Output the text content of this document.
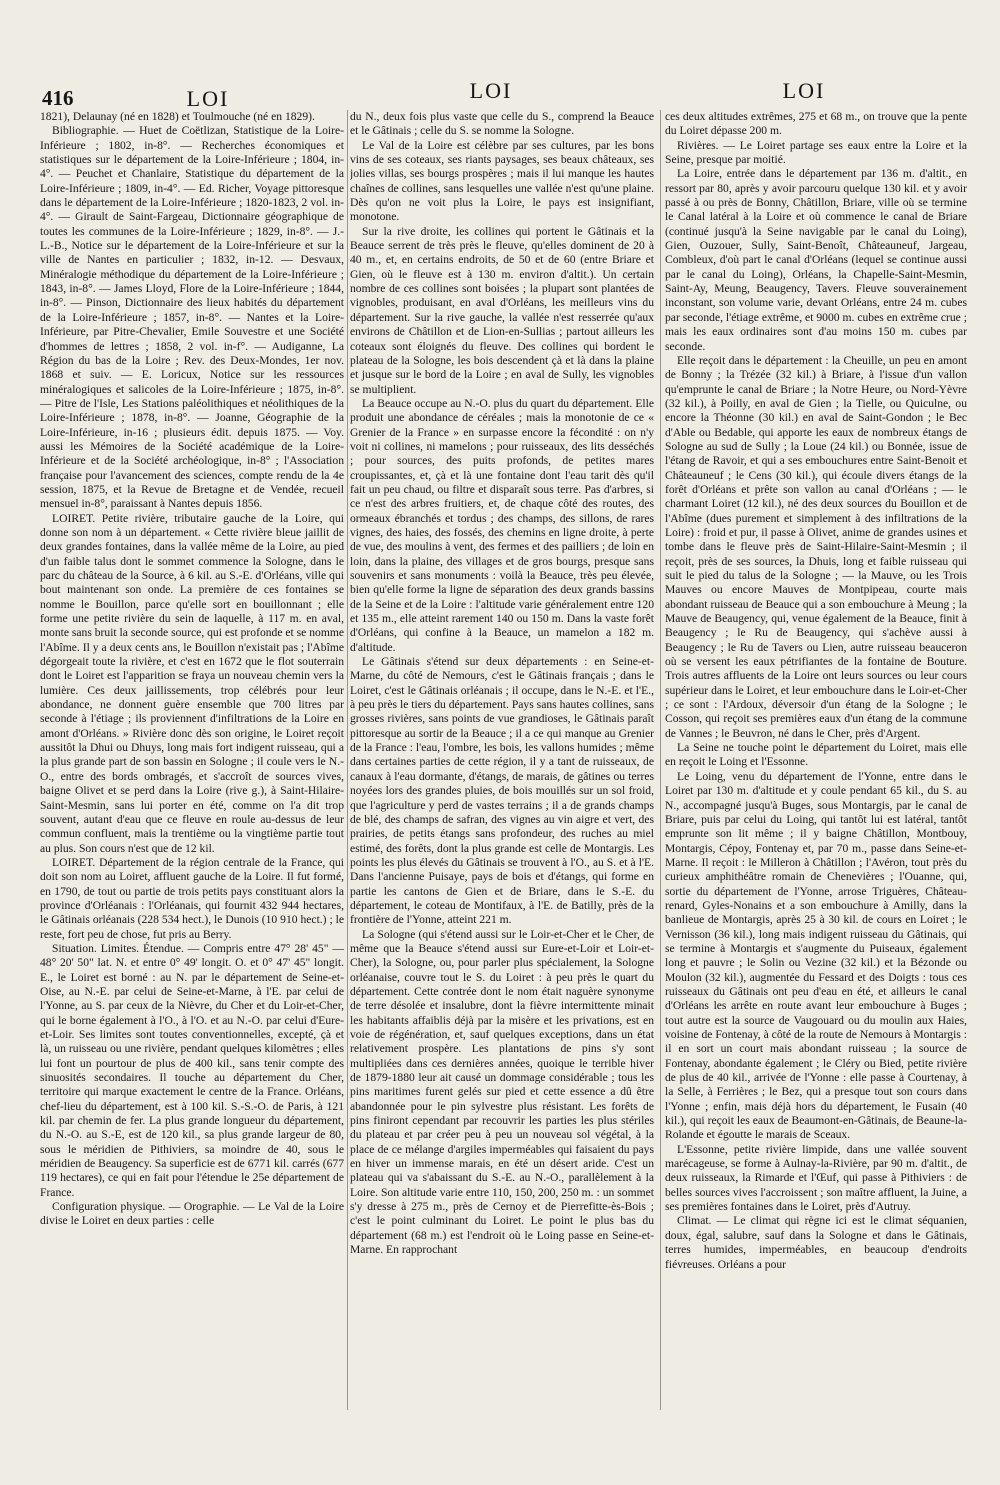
416	LOI	LOI	LOI

1821), Delaunay (né en 1828) et Toulmouche (né en 1829).

Bibliographie. — Huet de Coëtlizan, Statistique de la Loire-Inférieure ; 1802, in-8°. — Recherches économiques et statistiques sur le département de la Loire-Inférieure ; 1804, in-4°. — Peuchet et Chanlaire, Statistique du département de la Loire-Inférieure ; 1809, in-4°. — Ed. Richer, Voyage pittoresque dans le département de la Loire-Inférieure ; 1820-1823, 2 vol. in-4°. — Girault de Saint-Fargeau, Dictionnaire géographique de toutes les communes de la Loire-Inférieure ; 1829, in-8°. — J.-L.-B., Notice sur le département de la Loire-Inférieure et sur la ville de Nantes en particulier ; 1832, in-12. — Desvaux, Minéralogie méthodique du département de la Loire-Inférieure ; 1843, in-8°. — James Lloyd, Flore de la Loire-Inférieure ; 1844, in-8°. — Pinson, Dictionnaire des lieux habités du département de la Loire-Inférieure ; 1857, in-8°. — Nantes et la Loire-Inférieure, par Pitre-Chevalier, Emile Souvestre et une Société d'hommes de lettres ; 1858, 2 vol. in-f°. — Audiganne, La Région du bas de la Loire ; Rev. des Deux-Mondes, 1er nov. 1868 et suiv. — E. Loricux, Notice sur les ressources minéralogiques et salicoles de la Loire-Inférieure ; 1875, in-8°. — Pitre de l'Isle, Les Stations paléolithiques et néolithiques de la Loire-Inférieure ; 1878, in-8°. — Joanne, Géographie de la Loire-Inférieure, in-16 ; plusieurs édit. depuis 1875. — Voy. aussi les Mémoires de la Société académique de la Loire-Inférieure et de la Société archéologique, in-8° ; l'Association française pour l'avancement des sciences, compte rendu de la 4e session, 1875, et la Revue de Bretagne et de Vendée, recueil mensuel in-8°, paraissant à Nantes depuis 1856.

LOIRET. Petite rivière, tributaire gauche de la Loire, qui donne son nom à un département. « Cette rivière bleue jaillit de deux grandes fontaines, dans la vallée même de la Loire, au pied d'un faible talus dont le sommet commence la Sologne, dans le parc du château de la Source, à 6 kil. au S.-E. d'Orléans, ville qui bout maintenant son onde. La première de ces fontaines se nomme le Bouillon, parce qu'elle sort en bouillonnant ; elle forme une petite rivière du sein de laquelle, à 117 m. en aval, monte sans bruit la seconde source, qui est profonde et se nomme l'Abîme. Il y a deux cents ans, le Bouillon n'existait pas ; l'Abîme dégorgeait toute la rivière, et c'est en 1672 que le flot souterrain dont le Loiret est l'apparition se fraya un nouveau chemin vers la lumière. Ces deux jaillissements, trop célébrés pour leur abondance, ne donnent guère ensemble que 700 litres par seconde à l'étiage ; ils proviennent d'infiltrations de la Loire en amont d'Orléans. » Rivière donc dès son origine, le Loiret reçoit aussitôt la Dhui ou Dhuys, long mais fort indigent ruisseau, qui a la plus grande part de son bassin en Sologne ; il coule vers le N.-O., entre des bords ombragés, et s'accroît de sources vives, baigne Olivet et se perd dans la Loire (rive g.), à Saint-Hilaire-Saint-Mesmin, sans lui porter en été, comme on l'a dit trop souvent, autant d'eau que ce fleuve en roule au-dessus de leur commun confluent, mais la trentième ou la vingtième partie tout au plus. Son cours n'est que de 12 kil.

LOIRET. Département de la région centrale de la France, qui doit son nom au Loiret, affluent gauche de la Loire. Il fut formé, en 1790, de tout ou partie de trois petits pays constituant alors la province d'Orléanais : l'Orléanais, qui fournit 432 944 hectares, le Gâtinais orléanais (228 534 hect.), le Dunois (10 910 hect.) ; le reste, fort peu de chose, fut pris au Berry.

Situation. Limites. Étendue. — Compris entre 47° 28' 45" — 48° 20' 50" lat. N. et entre 0° 49' longit. O. et 0° 47' 45" longit. E., le Loiret est borné : au N. par le département de Seine-et-Oise, au N.-E. par celui de Seine-et-Marne, à l'E. par celui de l'Yonne, au S. par ceux de la Nièvre, du Cher et du Loir-et-Cher, qui le borne également à l'O., à l'O. et au N.-O. par celui d'Eure-et-Loir. Ses limites sont toutes conventionnelles, excepté, çà et là, un ruisseau ou une rivière, pendant quelques kilomètres ; elles lui font un pourtour de plus de 400 kil., sans tenir compte des sinuosités secondaires. Il touche au département du Cher, territoire qui marque exactement le centre de la France. Orléans, chef-lieu du département, est à 100 kil. S.-S.-O. de Paris, à 121 kil. par chemin de fer. La plus grande longueur du département, du N.-O. au S.-E, est de 120 kil., sa plus grande largeur de 80, sous le méridien de Pithiviers, sa moindre de 40, sous le méridien de Beaugency. Sa superficie est de 6771 kil. carrés (677 119 hectares), ce qui en fait pour l'étendue le 25e département de France.

Configuration physique. — Orographie. — Le Val de la Loire divise le Loiret en deux parties : celle

du N., deux fois plus vaste que celle du S., comprend la Beauce et le Gâtinais ; celle du S. se nomme la Sologne.

Le Val de la Loire est célèbre par ses cultures, par les bons vins de ses coteaux, ses riants paysages, ses beaux châteaux, ses jolies villas, ses bourgs prospères ; mais il lui manque les hautes chaînes de collines, sans lesquelles une vallée n'est qu'une plaine. Dès qu'on ne voit plus la Loire, le pays est insignifiant, monotone.

Sur la rive droite, les collines qui portent le Gâtinais et la Beauce serrent de très près le fleuve, qu'elles dominent de 20 à 40 m., et, en certains endroits, de 50 et de 60 (entre Briare et Gien, où le fleuve est à 130 m. environ d'altit.). Un certain nombre de ces collines sont boisées ; la plupart sont plantées de vignobles, produisant, en aval d'Orléans, les meilleurs vins du département. Sur la rive gauche, la vallée n'est resserrée qu'aux environs de Châtillon et de Lion-en-Sullias ; partout ailleurs les coteaux sont éloignés du fleuve. Des collines qui bordent le plateau de la Sologne, les bois descendent çà et là dans la plaine et jusque sur le bord de la Loire ; en aval de Sully, les vignobles se multiplient.

La Beauce occupe au N.-O. plus du quart du département. Elle produit une abondance de céréales ; mais la monotonie de ce « Grenier de la France » en surpasse encore la fécondité : on n'y voit ni collines, ni mamelons ; pour ruisseaux, des lits desséchés ; pour sources, des puits profonds, de petites mares croupissantes, et, çà et là une fontaine dont l'eau tarit dès qu'il fait un peu chaud, ou filtre et disparaît sous terre. Pas d'arbres, si ce n'est des arbres fruitiers, et, de chaque côté des routes, des ormeaux ébranchés et tordus ; des champs, des sillons, de rares vignes, des haies, des fossés, des chemins en ligne droite, à perte de vue, des moulins à vent, des fermes et des pailliers ; de loin en loin, dans la plaine, des villages et de gros bourgs, presque sans souvenirs et sans monuments : voilà la Beauce, très peu élevée, bien qu'elle forme la ligne de séparation des deux grands bassins de la Seine et de la Loire : l'altitude varie généralement entre 120 et 135 m., elle atteint rarement 140 ou 150 m. Dans la vaste forêt d'Orléans, qui confine à la Beauce, un mamelon a 182 m. d'altitude.

Le Gâtinais s'étend sur deux départements : en Seine-et-Marne, du côté de Nemours, c'est le Gâtinais français ; dans le Loiret, c'est le Gâtinais orléanais ; il occupe, dans le N.-E. et l'E., à peu près le tiers du département. Pays sans hautes collines, sans grosses rivières, sans points de vue grandioses, le Gâtinais paraît pittoresque au sortir de la Beauce ; il a ce qui manque au Grenier de la France : l'eau, l'ombre, les bois, les vallons humides ; même dans certaines parties de cette région, il y a tant de ruisseaux, de canaux à l'eau dormante, d'étangs, de marais, de gâtines ou terres noyées lors des grandes pluies, de bois mouillés sur un sol froid, que l'agriculture y perd de vastes terrains ; il a de grands champs de blé, des champs de safran, des vignes au vin aigre et vert, des prairies, de petits étangs sans profondeur, des ruches au miel estimé, des forêts, dont la plus grande est celle de Montargis. Les points les plus élevés du Gâtinais se trouvent à l'O., au S. et à l'E. Dans l'ancienne Puisaye, pays de bois et d'étangs, qui forme en partie les cantons de Gien et de Briare, dans le S.-E. du département, le coteau de Montifaux, à l'E. de Batilly, près de la frontière de l'Yonne, atteint 221 m.

La Sologne (qui s'étend aussi sur le Loir-et-Cher et le Cher, de même que la Beauce s'étend aussi sur Eure-et-Loir et Loir-et-Cher), la Sologne, ou, pour parler plus spécialement, la Sologne orléanaise, couvre tout le S. du Loiret : à peu près le quart du département. Cette contrée dont le nom était naguère synonyme de terre désolée et insalubre, dont la fièvre intermittente minait les habitants affaiblis déjà par la misère et les privations, est en voie de régénération, et, sauf quelques exceptions, dans un état relativement prospère. Les plantations de pins s'y sont multipliées dans ces dernières années, quoique le terrible hiver de 1879-1880 leur ait causé un dommage considérable ; tous les pins maritimes furent gelés sur pied et cette essence a dû être abandonnée pour le pin sylvestre plus résistant. Les forêts de pins finiront cependant par recouvrir les parties les plus stériles du plateau et par créer peu à peu un nouveau sol végétal, à la place de ce mélange d'argiles imperméables qui faisaient du pays en hiver un immense marais, en été un désert aride. C'est un plateau qui va s'abaissant du S.-E. au N.-O., parallèlement à la Loire. Son altitude varie entre 110, 150, 200, 250 m. : un sommet s'y dresse à 275 m., près de Cernoy et de Pierrefitte-ès-Bois ; c'est le point culminant du Loiret. Le point le plus bas du département (68 m.) est l'endroit où le Loing passe en Seine-et-Marne. En rapprochant

ces deux altitudes extrêmes, 275 et 68 m., on trouve que la pente du Loiret dépasse 200 m.

Rivières. — Le Loiret partage ses eaux entre la Loire et la Seine, presque par moitié.

La Loire, entrée dans le département par 136 m. d'altit., en ressort par 80, après y avoir parcouru quelque 130 kil. et y avoir passé à ou près de Bonny, Châtillon, Briare, ville où se termine le Canal latéral à la Loire et où commence le canal de Briare (continué jusqu'à la Seine navigable par le canal du Loing), Gien, Ouzouer, Sully, Saint-Benoît, Châteauneuf, Jargeau, Combleux, d'où part le canal d'Orléans (lequel se continue aussi par le canal du Loing), Orléans, la Chapelle-Saint-Mesmin, Saint-Ay, Meung, Beaugency, Tavers. Fleuve souverainement inconstant, son volume varie, devant Orléans, entre 24 m. cubes par seconde, l'étiage extrême, et 9000 m. cubes en extrême crue ; mais les eaux ordinaires sont d'au moins 150 m. cubes par seconde.

Elle reçoit dans le département : la Cheuille, un peu en amont de Bonny ; la Trézée (32 kil.) à Briare, à l'issue d'un vallon qu'emprunte le canal de Briare ; la Notre Heure, ou Nord-Yèvre (32 kil.), à Poilly, en aval de Gien ; la Tielle, ou Quiculne, ou encore la Théonne (30 kil.) en aval de Saint-Gondon ; le Bec d'Able ou Bedable, qui apporte les eaux de nombreux étangs de Sologne au sud de Sully ; la Loue (24 kil.) ou Bonnée, issue de l'étang de Ravoir, et qui a ses embouchures entre Saint-Benoit et Châteauneuf ; le Cens (30 kil.), qui écoule divers étangs de la forêt d'Orléans et prête son vallon au canal d'Orléans ; — le charmant Loiret (12 kil.), né des deux sources du Bouillon et de l'Abîme (dues purement et simplement à des infiltrations de la Loire) : froid et pur, il passe à Olivet, anime de grandes usines et tombe dans le fleuve près de Saint-Hilaire-Saint-Mesmin ; il reçoit, près de ses sources, la Dhuis, long et faible ruisseau qui suit le pied du talus de la Sologne ; — la Mauve, ou les Trois Mauves ou encore Mauves de Montpipeau, courte mais abondant ruisseau de Beauce qui a son embouchure à Meung ; la Mauve de Beaugency, qui, venue également de la Beauce, finit à Beaugency ; le Ru de Beaugency, qui s'achève aussi à Beaugency ; le Ru de Tavers ou Lien, autre ruisseau beauceron où se versent les eaux pétrifiantes de la fontaine de Bouture. Trois autres affluents de la Loire ont leurs sources ou leur cours supérieur dans le Loiret, et leur embouchure dans le Loir-et-Cher ; ce sont : l'Ardoux, déversoir d'un étang de la Sologne ; le Cosson, qui reçoit ses premières eaux d'un étang de la commune de Vannes ; le Beuvron, né dans le Cher, près d'Argent.

La Seine ne touche point le département du Loiret, mais elle en reçoit le Loing et l'Essonne.

Le Loing, venu du département de l'Yonne, entre dans le Loiret par 130 m. d'altitude et y coule pendant 65 kil., du S. au N., accompagné jusqu'à Buges, sous Montargis, par le canal de Briare, puis par celui du Loing, qui tantôt lui est latéral, tantôt emprunte son lit même ; il y baigne Châtillon, Montbouy, Montargis, Cépoy, Fontenay et, par 70 m., passe dans Seine-et-Marne. Il reçoit : le Milleron à Châtillon ; l'Avéron, tout près du curieux amphithéâtre romain de Chenevières ; l'Ouanne, qui, sortie du département de l'Yonne, arrose Triguères, Château-renard, Gyles-Nonains et a son embouchure à Amilly, dans la banlieue de Montargis, après 25 à 30 kil. de cours en Loiret ; le Vernisson (36 kil.), long mais indigent ruisseau du Gâtinais, qui se termine à Montargis et s'augmente du Puiseaux, également long et pauvre ; le Solin ou Vezine (32 kil.) et la Bézonde ou Moulon (32 kil.), augmentée du Fessard et des Doigts : tous ces ruisseaux du Gâtinais ont peu d'eau en été, et ailleurs le canal d'Orléans les arrête en route avant leur embouchure à Buges ; tout autre est la source de Vaugouard ou du moulin aux Haies, voisine de Fontenay, à côté de la route de Nemours à Montargis : il en sort un court mais abondant ruisseau ; la source de Fontenay, abondante également ; le Cléry ou Bied, petite rivière de plus de 40 kil., arrivée de l'Yonne : elle passe à Courtenay, à la Selle, à Ferrières ; le Bez, qui a presque tout son cours dans l'Yonne ; enfin, mais déjà hors du département, le Fusain (40 kil.), qui reçoit les eaux de Beaumont-en-Gâtinais, de Beaune-la-Rolande et égoutte le marais de Sceaux.

L'Essonne, petite rivière limpide, dans une vallée souvent marécageuse, se forme à Aulnay-la-Rivière, par 90 m. d'altit., de deux ruisseaux, la Rimarde et l'Œuf, qui passe à Pithiviers : de belles sources vives l'accroissent ; son maître affluent, la Juine, a ses premières fontaines dans le Loiret, près d'Autruy.

Climat. — Le climat qui règne ici est le climat séquanien, doux, égal, salubre, sauf dans la Sologne et dans le Gâtinais, terres humides, imperméables, en beaucoup d'endroits fiévreuses. Orléans a pour
